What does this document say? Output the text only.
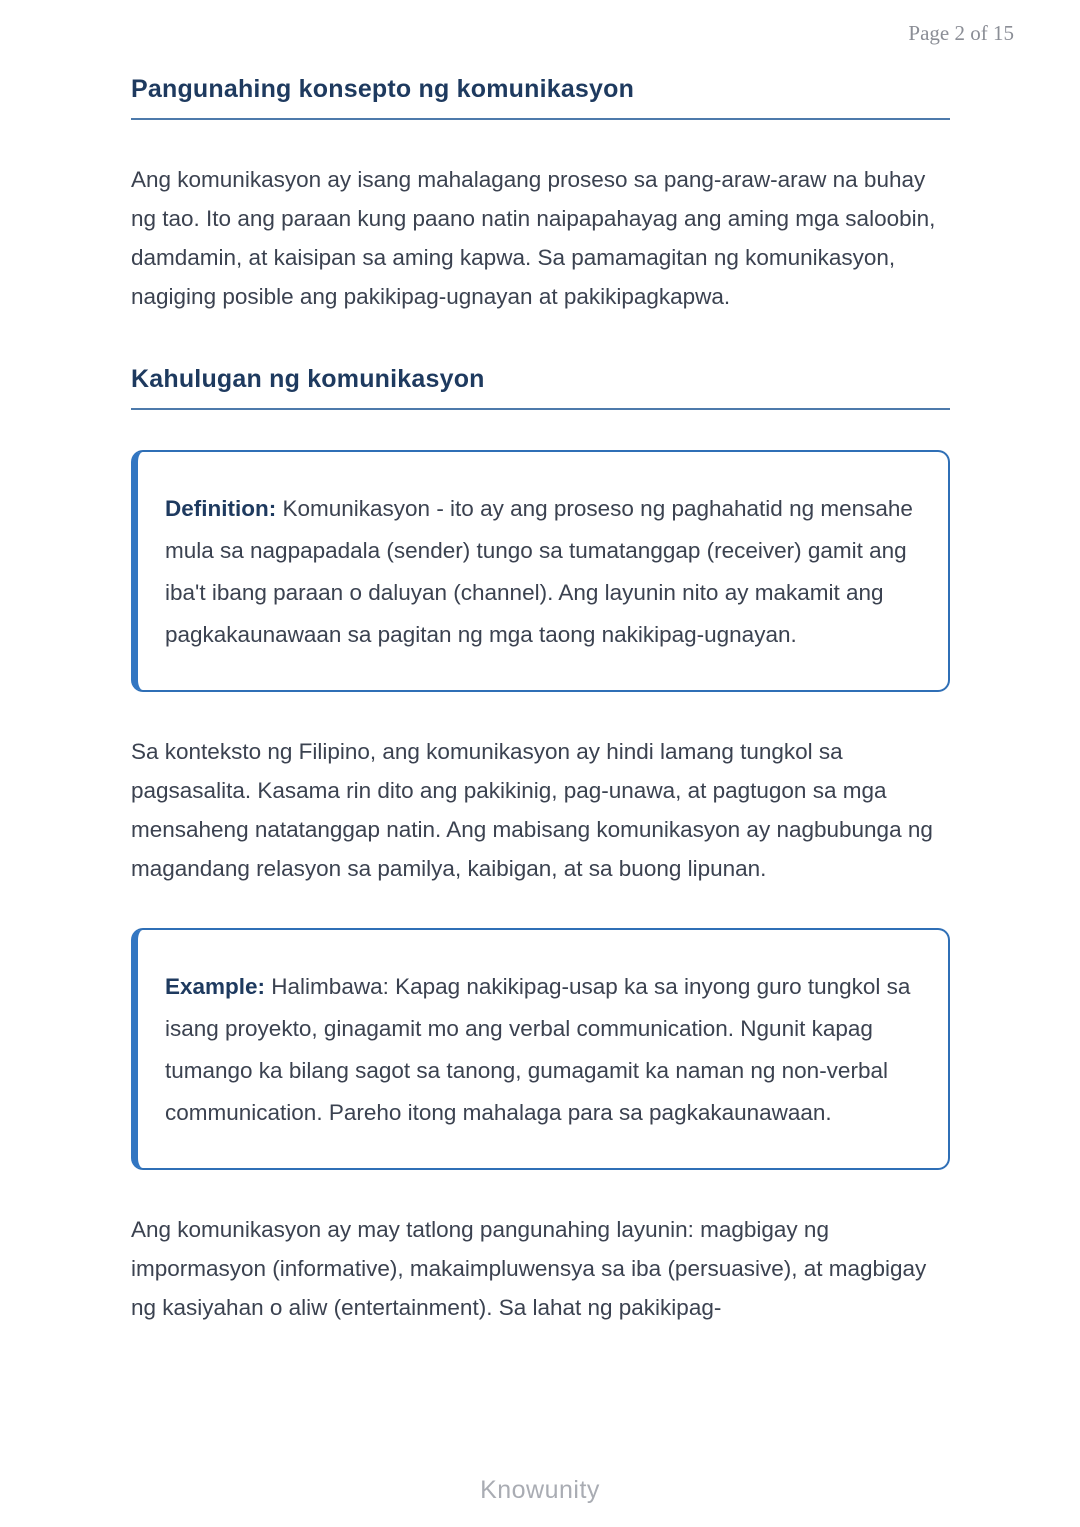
Page 2 of 15
Pangunahing konsepto ng komunikasyon

Ang komunikasyon ay isang mahalagang proseso sa pang-araw-araw na buhay ng tao. Ito ang paraan kung paano natin naipapahayag ang aming mga saloobin, damdamin, at kaisipan sa aming kapwa. Sa pamamagitan ng komunikasyon, nagiging posible ang pakikipag-ugnayan at pakikipagkapwa.

Kahulugan ng komunikasyon

Definition: Komunikasyon - ito ay ang proseso ng paghahatid ng mensahe mula sa nagpapadala (sender) tungo sa tumatanggap (receiver) gamit ang iba't ibang paraan o daluyan (channel). Ang layunin nito ay makamit ang pagkakaunawaan sa pagitan ng mga taong nakikipag-ugnayan.

Sa konteksto ng Filipino, ang komunikasyon ay hindi lamang tungkol sa pagsasalita. Kasama rin dito ang pakikinig, pag-unawa, at pagtugon sa mga mensaheng natatanggap natin. Ang mabisang komunikasyon ay nagbubunga ng magandang relasyon sa pamilya, kaibigan, at sa buong lipunan.

Example: Halimbawa: Kapag nakikipag-usap ka sa inyong guro tungkol sa isang proyekto, ginagamit mo ang verbal communication. Ngunit kapag tumango ka bilang sagot sa tanong, gumagamit ka naman ng non-verbal communication. Pareho itong mahalaga para sa pagkakaunawaan.

Ang komunikasyon ay may tatlong pangunahing layunin: magbigay ng impormasyon (informative), makaimpluwensya sa iba (persuasive), at magbigay ng kasiyahan o aliw (entertainment). Sa lahat ng pakikipag-

Knowunity
